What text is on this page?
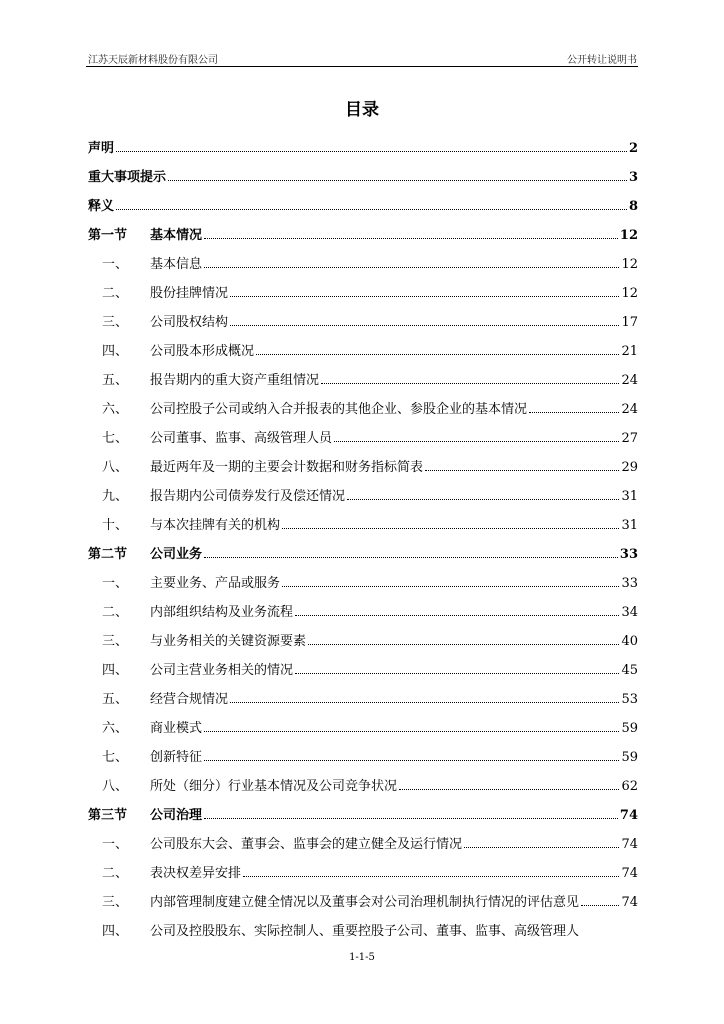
江苏天辰新材料股份有限公司	公开转让说明书
目录
声明	2
重大事项提示	3
释义	8
第一节	基本情况	12
一、	基本信息	12
二、	股份挂牌情况	12
三、	公司股权结构	17
四、	公司股本形成概况	21
五、	报告期内的重大资产重组情况	24
六、	公司控股子公司或纳入合并报表的其他企业、参股企业的基本情况	24
七、	公司董事、监事、高级管理人员	27
八、	最近两年及一期的主要会计数据和财务指标简表	29
九、	报告期内公司债券发行及偿还情况	31
十、	与本次挂牌有关的机构	31
第二节	公司业务	33
一、	主要业务、产品或服务	33
二、	内部组织结构及业务流程	34
三、	与业务相关的关键资源要素	40
四、	公司主营业务相关的情况	45
五、	经营合规情况	53
六、	商业模式	59
七、	创新特征	59
八、	所处（细分）行业基本情况及公司竞争状况	62
第三节	公司治理	74
一、	公司股东大会、董事会、监事会的建立健全及运行情况	74
二、	表决权差异安排	74
三、	内部管理制度建立健全情况以及董事会对公司治理机制执行情况的评估意见	74
四、	公司及控股股东、实际控制人、重要控股子公司、董事、监事、高级管理人
1-1-5
